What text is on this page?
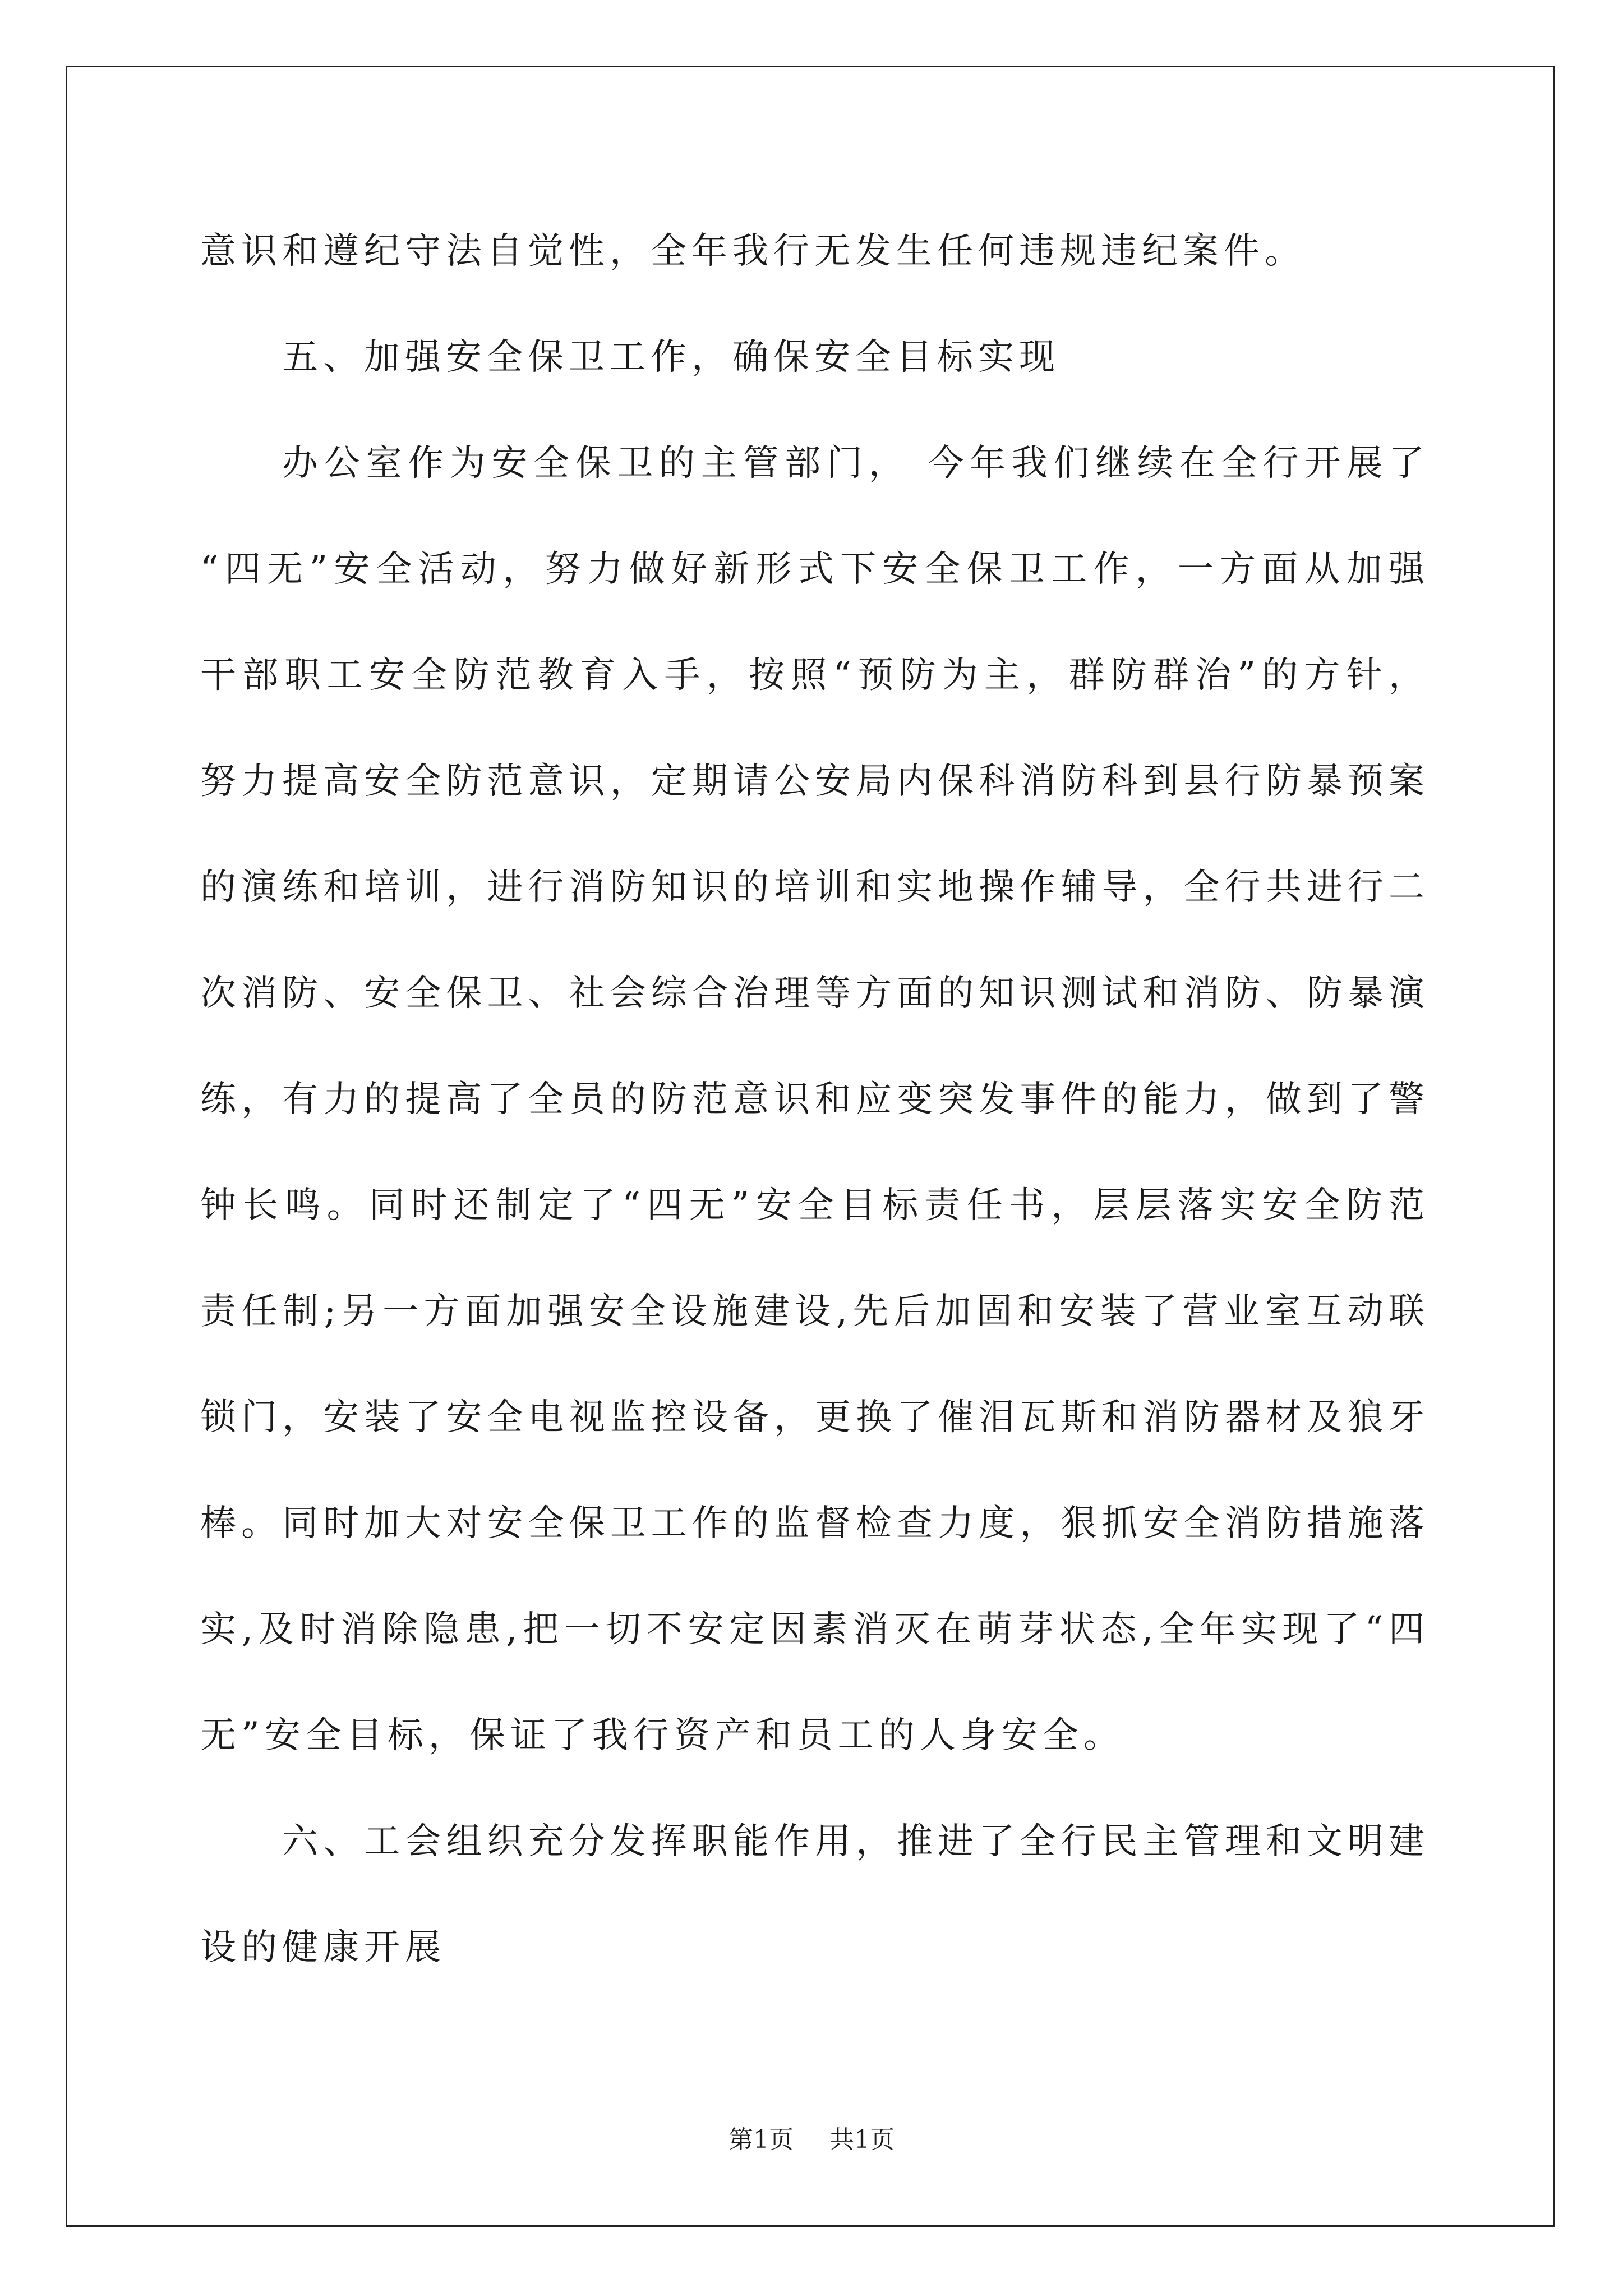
意识和遵纪守法自觉性，全年我行无发生任何违规违纪案件。
五、加强安全保卫工作，确保安全目标实现
办公室作为安全保卫的主管部门， 今年我们继续在全行开展了
“四无”安全活动，努力做好新形式下安全保卫工作，一方面从加强
干部职工安全防范教育入手，按照“预防为主，群防群治”的方针，
努力提高安全防范意识，定期请公安局内保科消防科到县行防暴预案
的演练和培训，进行消防知识的培训和实地操作辅导，全行共进行二
次消防、安全保卫、社会综合治理等方面的知识测试和消防、防暴演
练，有力的提高了全员的防范意识和应变突发事件的能力，做到了警
钟长鸣。同时还制定了“四无”安全目标责任书，层层落实安全防范
责任制;另一方面加强安全设施建设,先后加固和安装了营业室互动联
锁门，安装了安全电视监控设备，更换了催泪瓦斯和消防器材及狼牙
棒。同时加大对安全保卫工作的监督检查力度，狠抓安全消防措施落
实,及时消除隐患,把一切不安定因素消灭在萌芽状态,全年实现了“四
无”安全目标，保证了我行资产和员工的人身安全。
六、工会组织充分发挥职能作用，推进了全行民主管理和文明建
设的健康开展
第1页 共1页
